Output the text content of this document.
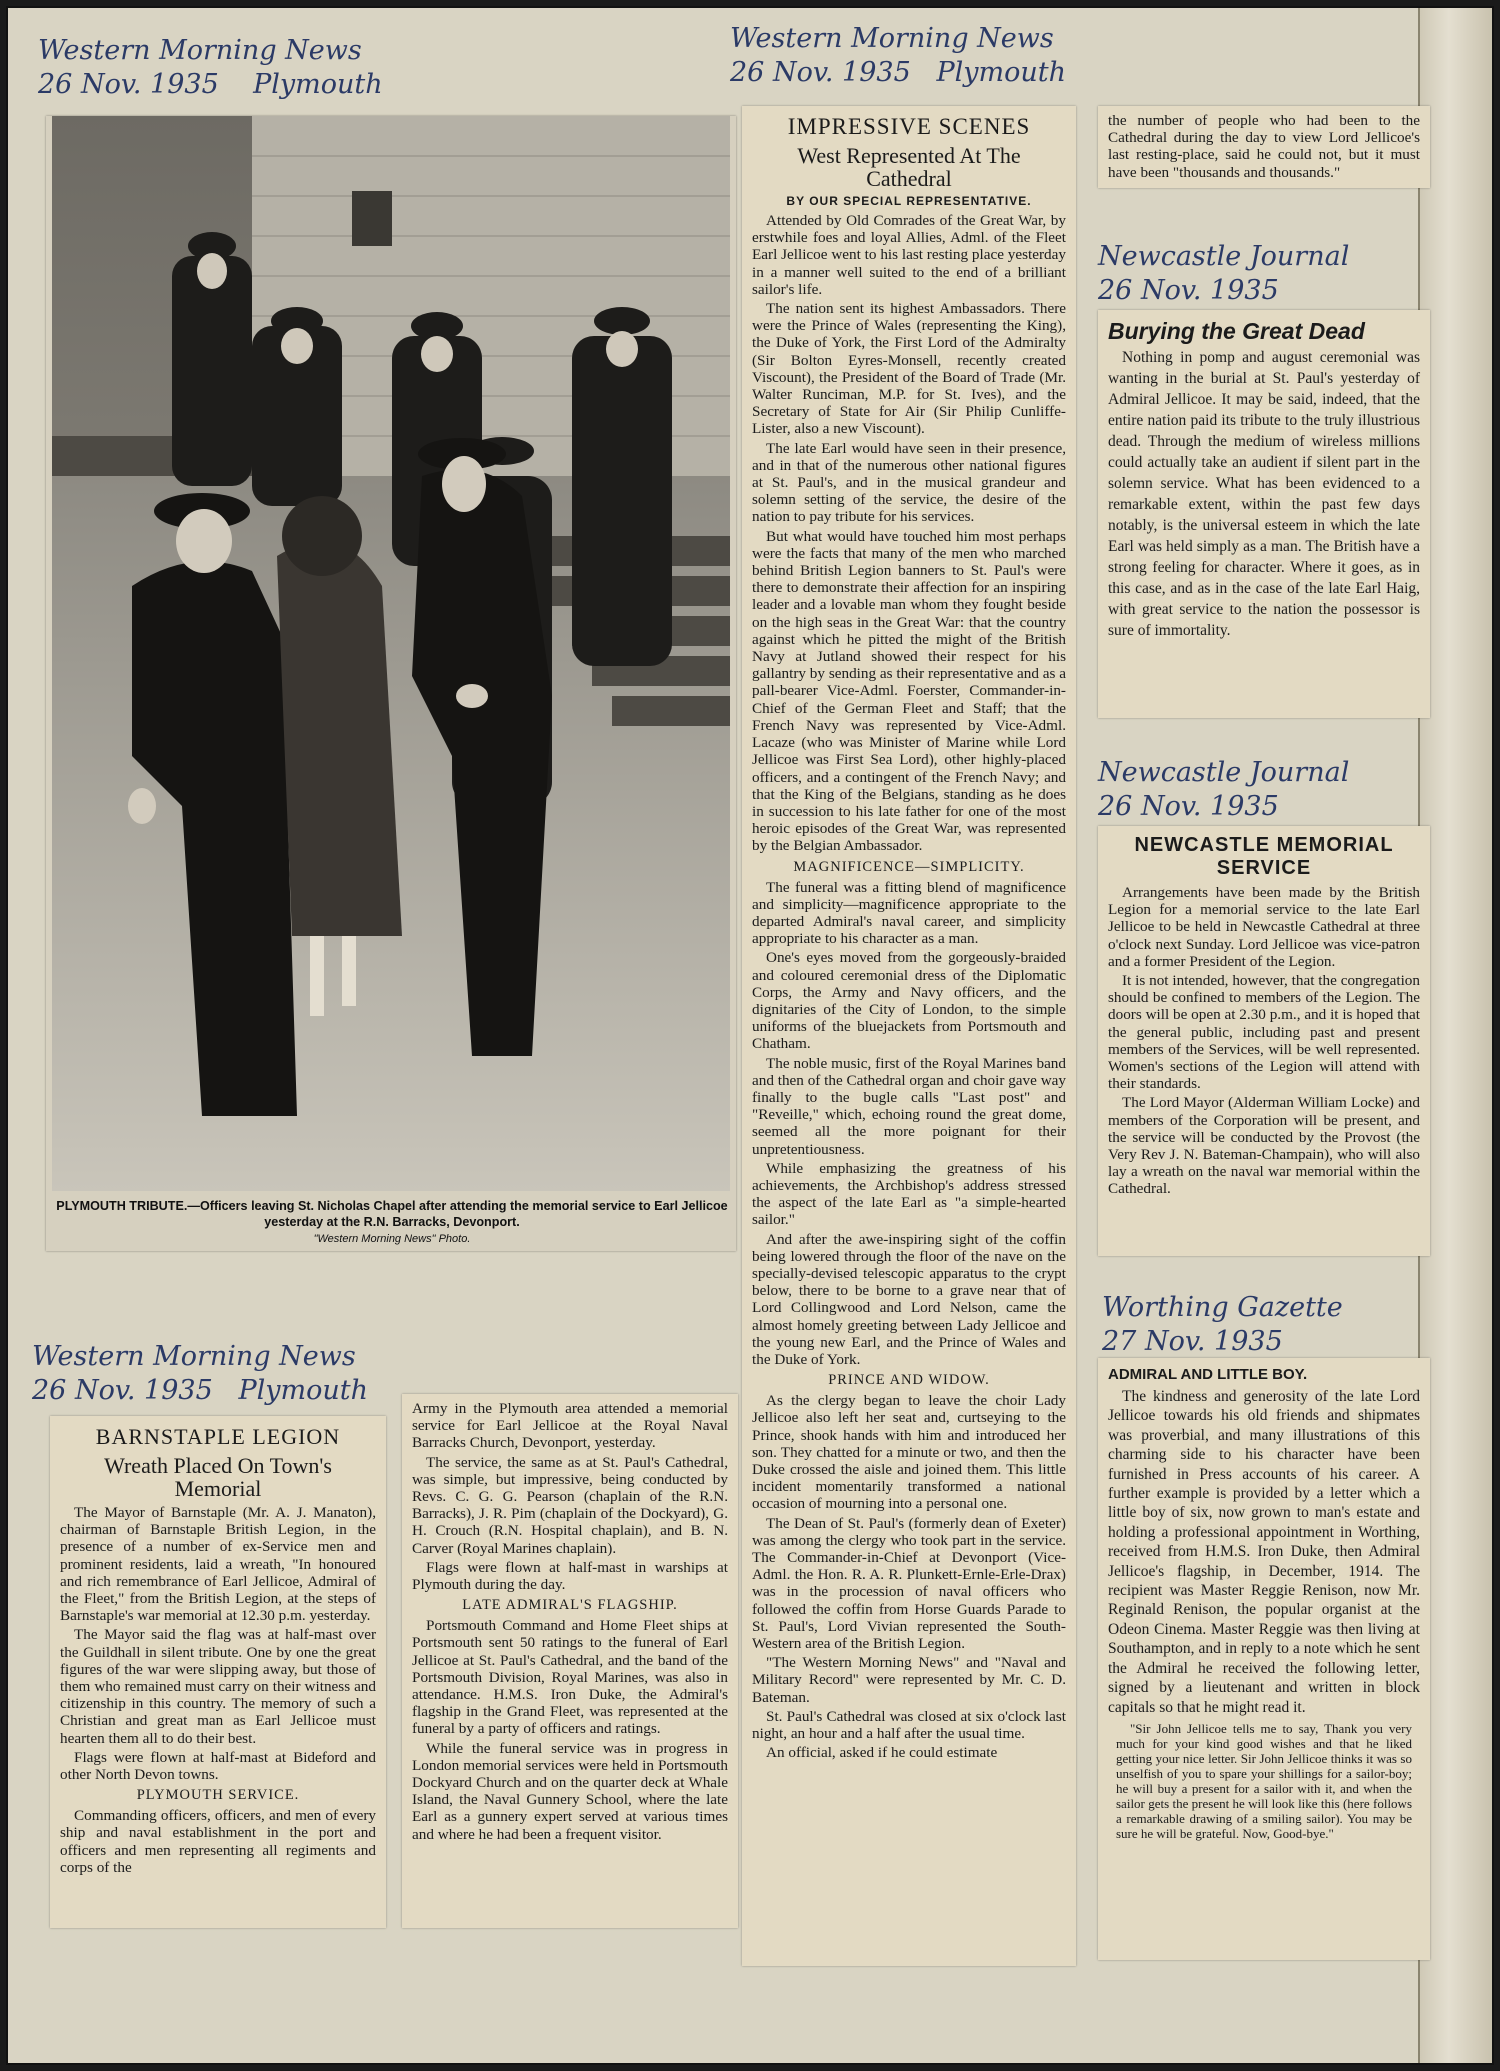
Western Morning News
26 Nov. 1935    Plymouth
Western Morning News
26 Nov. 1935   Plymouth
Newcastle Journal
26 Nov. 1935
Newcastle Journal
26 Nov. 1935
Worthing Gazette
27 Nov. 1935
Western Morning News
26 Nov. 1935   Plymouth
PLYMOUTH TRIBUTE.—Officers leaving St. Nicholas Chapel after attending the memorial service to Earl Jellicoe yesterday at the R.N. Barracks, Devonport.
"Western Morning News" Photo.
IMPRESSIVE SCENES
West Represented At The Cathedral
BY OUR SPECIAL REPRESENTATIVE.

Attended by Old Comrades of the Great War, by erstwhile foes and loyal Allies, Adml. of the Fleet Earl Jellicoe went to his last resting place yesterday in a manner well suited to the end of a brilliant sailor's life.

The nation sent its highest Ambassadors. There were the Prince of Wales (representing the King), the Duke of York, the First Lord of the Admiralty (Sir Bolton Eyres-Monsell, recently created Viscount), the President of the Board of Trade (Mr. Walter Runciman, M.P. for St. Ives), and the Secretary of State for Air (Sir Philip Cunliffe-Lister, also a new Viscount).

The late Earl would have seen in their presence, and in that of the numerous other national figures at St. Paul's, and in the musical grandeur and solemn setting of the service, the desire of the nation to pay tribute for his services.

But what would have touched him most perhaps were the facts that many of the men who marched behind British Legion banners to St. Paul's were there to demonstrate their affection for an inspiring leader and a lovable man whom they fought beside on the high seas in the Great War: that the country against which he pitted the might of the British Navy at Jutland showed their respect for his gallantry by sending as their representative and as a pall-bearer Vice-Adml. Foerster, Commander-in-Chief of the German Fleet and Staff; that the French Navy was represented by Vice-Adml. Lacaze (who was Minister of Marine while Lord Jellicoe was First Sea Lord), other highly-placed officers, and a contingent of the French Navy; and that the King of the Belgians, standing as he does in succession to his late father for one of the most heroic episodes of the Great War, was represented by the Belgian Ambassador.

MAGNIFICENCE—SIMPLICITY.

The funeral was a fitting blend of magnificence and simplicity—magnificence appropriate to the departed Admiral's naval career, and simplicity appropriate to his character as a man.

One's eyes moved from the gorgeously-braided and coloured ceremonial dress of the Diplomatic Corps, the Army and Navy officers, and the dignitaries of the City of London, to the simple uniforms of the bluejackets from Portsmouth and Chatham.

The noble music, first of the Royal Marines band and then of the Cathedral organ and choir gave way finally to the bugle calls "Last post" and "Reveille," which, echoing round the great dome, seemed all the more poignant for their unpretentiousness.

While emphasizing the greatness of his achievements, the Archbishop's address stressed the aspect of the late Earl as "a simple-hearted sailor."

And after the awe-inspiring sight of the coffin being lowered through the floor of the nave on the specially-devised telescopic apparatus to the crypt below, there to be borne to a grave near that of Lord Collingwood and Lord Nelson, came the almost homely greeting between Lady Jellicoe and the young new Earl, and the Prince of Wales and the Duke of York.

PRINCE AND WIDOW.

As the clergy began to leave the choir Lady Jellicoe also left her seat and, curtseying to the Prince, shook hands with him and introduced her son. They chatted for a minute or two, and then the Duke crossed the aisle and joined them. This little incident momentarily transformed a national occasion of mourning into a personal one.

The Dean of St. Paul's (formerly dean of Exeter) was among the clergy who took part in the service. The Commander-in-Chief at Devonport (Vice-Adml. the Hon. R. A. R. Plunkett-Ernle-Erle-Drax) was in the procession of naval officers who followed the coffin from Horse Guards Parade to St. Paul's, Lord Vivian represented the South-Western area of the British Legion.

"The Western Morning News" and "Naval and Military Record" were represented by Mr. C. D. Bateman.

St. Paul's Cathedral was closed at six o'clock last night, an hour and a half after the usual time.

An official, asked if he could estimate

the number of people who had been to the Cathedral during the day to view Lord Jellicoe's last resting-place, said he could not, but it must have been "thousands and thousands."

Burying the Great Dead

Nothing in pomp and august ceremonial was wanting in the burial at St. Paul's yesterday of Admiral Jellicoe. It may be said, indeed, that the entire nation paid its tribute to the truly illustrious dead. Through the medium of wireless millions could actually take an audient if silent part in the solemn service. What has been evidenced to a remarkable extent, within the past few days notably, is the universal esteem in which the late Earl was held simply as a man. The British have a strong feeling for character. Where it goes, as in this case, and as in the case of the late Earl Haig, with great service to the nation the possessor is sure of immortality.

NEWCASTLE MEMORIAL SERVICE

Arrangements have been made by the British Legion for a memorial service to the late Earl Jellicoe to be held in Newcastle Cathedral at three o'clock next Sunday. Lord Jellicoe was vice-patron and a former President of the Legion.

It is not intended, however, that the congregation should be confined to members of the Legion. The doors will be open at 2.30 p.m., and it is hoped that the general public, including past and present members of the Services, will be well represented. Women's sections of the Legion will attend with their standards.

The Lord Mayor (Alderman William Locke) and members of the Corporation will be present, and the service will be conducted by the Provost (the Very Rev J. N. Bateman-Champain), who will also lay a wreath on the naval war memorial within the Cathedral.

ADMIRAL AND LITTLE BOY.

The kindness and generosity of the late Lord Jellicoe towards his old friends and shipmates was proverbial, and many illustrations of this charming side to his character have been furnished in Press accounts of his career. A further example is provided by a letter which a little boy of six, now grown to man's estate and holding a professional appointment in Worthing, received from H.M.S. Iron Duke, then Admiral Jellicoe's flagship, in December, 1914. The recipient was Master Reggie Renison, now Mr. Reginald Renison, the popular organist at the Odeon Cinema. Master Reggie was then living at Southampton, and in reply to a note which he sent the Admiral he received the following letter, signed by a lieutenant and written in block capitals so that he might read it.

"Sir John Jellicoe tells me to say, Thank you very much for your kind good wishes and that he liked getting your nice letter. Sir John Jellicoe thinks it was so unselfish of you to spare your shillings for a sailor-boy; he will buy a present for a sailor with it, and when the sailor gets the present he will look like this (here follows a remarkable drawing of a smiling sailor). You may be sure he will be grateful. Now, Good-bye."

BARNSTAPLE LEGION
Wreath Placed On Town's Memorial

The Mayor of Barnstaple (Mr. A. J. Manaton), chairman of Barnstaple British Legion, in the presence of a number of ex-Service men and prominent residents, laid a wreath, "In honoured and rich remembrance of Earl Jellicoe, Admiral of the Fleet," from the British Legion, at the steps of Barnstaple's war memorial at 12.30 p.m. yesterday.

The Mayor said the flag was at half-mast over the Guildhall in silent tribute. One by one the great figures of the war were slipping away, but those of them who remained must carry on their witness and citizenship in this country. The memory of such a Christian and great man as Earl Jellicoe must hearten them all to do their best.

Flags were flown at half-mast at Bideford and other North Devon towns.

PLYMOUTH SERVICE.

Commanding officers, officers, and men of every ship and naval establishment in the port and officers and men representing all regiments and corps of the

Army in the Plymouth area attended a memorial service for Earl Jellicoe at the Royal Naval Barracks Church, Devonport, yesterday.

The service, the same as at St. Paul's Cathedral, was simple, but impressive, being conducted by Revs. C. G. G. Pearson (chaplain of the R.N. Barracks), J. R. Pim (chaplain of the Dockyard), G. H. Crouch (R.N. Hospital chaplain), and B. N. Carver (Royal Marines chaplain).

Flags were flown at half-mast in warships at Plymouth during the day.

LATE ADMIRAL'S FLAGSHIP.

Portsmouth Command and Home Fleet ships at Portsmouth sent 50 ratings to the funeral of Earl Jellicoe at St. Paul's Cathedral, and the band of the Portsmouth Division, Royal Marines, was also in attendance. H.M.S. Iron Duke, the Admiral's flagship in the Grand Fleet, was represented at the funeral by a party of officers and ratings.

While the funeral service was in progress in London memorial services were held in Portsmouth Dockyard Church and on the quarter deck at Whale Island, the Naval Gunnery School, where the late Earl as a gunnery expert served at various times and where he had been a frequent visitor.
